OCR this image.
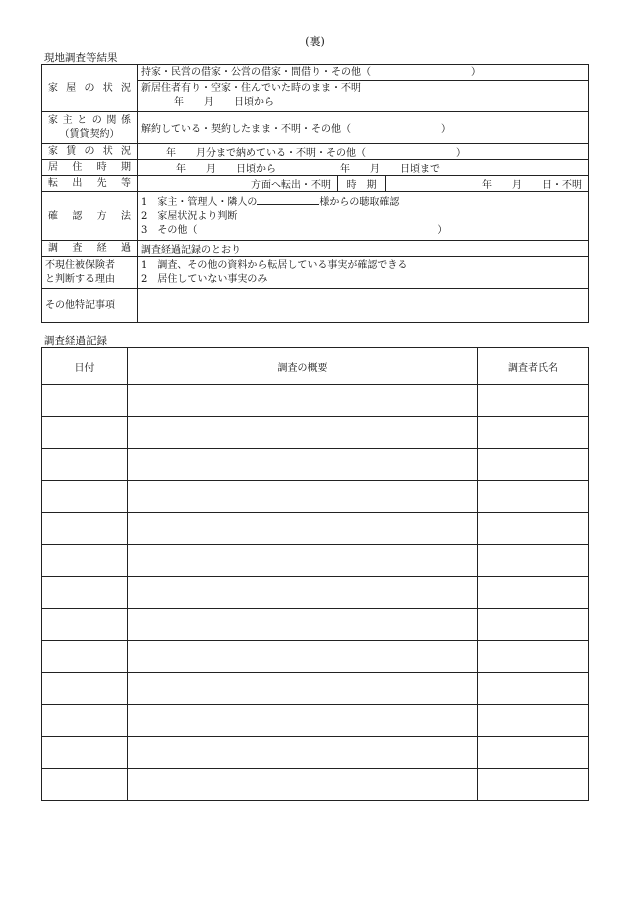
(裏)
現地調査等結果
家屋の状況	持家・民営の借家・公営の借家・間借り・その他（　　　　　　　　　　）
新居住者有り・空家・住んでいた時のまま・不明
年　　月　　日頃から		

家主との関係
（賃貸契約）	解約している・契約したまま・不明・その他（　　　　　　　　　）		
家賃の状況	年　　月分まで納めている・不明・その他（　　　　　　　　　）		
居住時期	年　　月　　日頃から 年　　月　　日頃まで		
転出先等	方面へ転出・不明	時　期	年　　月　　日・不明
確認方法	1　家主・管理人・隣人の 様からの聴取確認
2　家屋状況より判断
3　その他（　　　　　　　　　　　　　　　　　　　　　　　　）		

調査経過	調査経過記録のとおり		

不現住被保険者
と判断する理由	1　調査、その他の資料から転居している事実が確認できる
2　居住していない事実のみ		

その他特記事項			
調査経過記録
日付	調査の概要	調査者氏名
